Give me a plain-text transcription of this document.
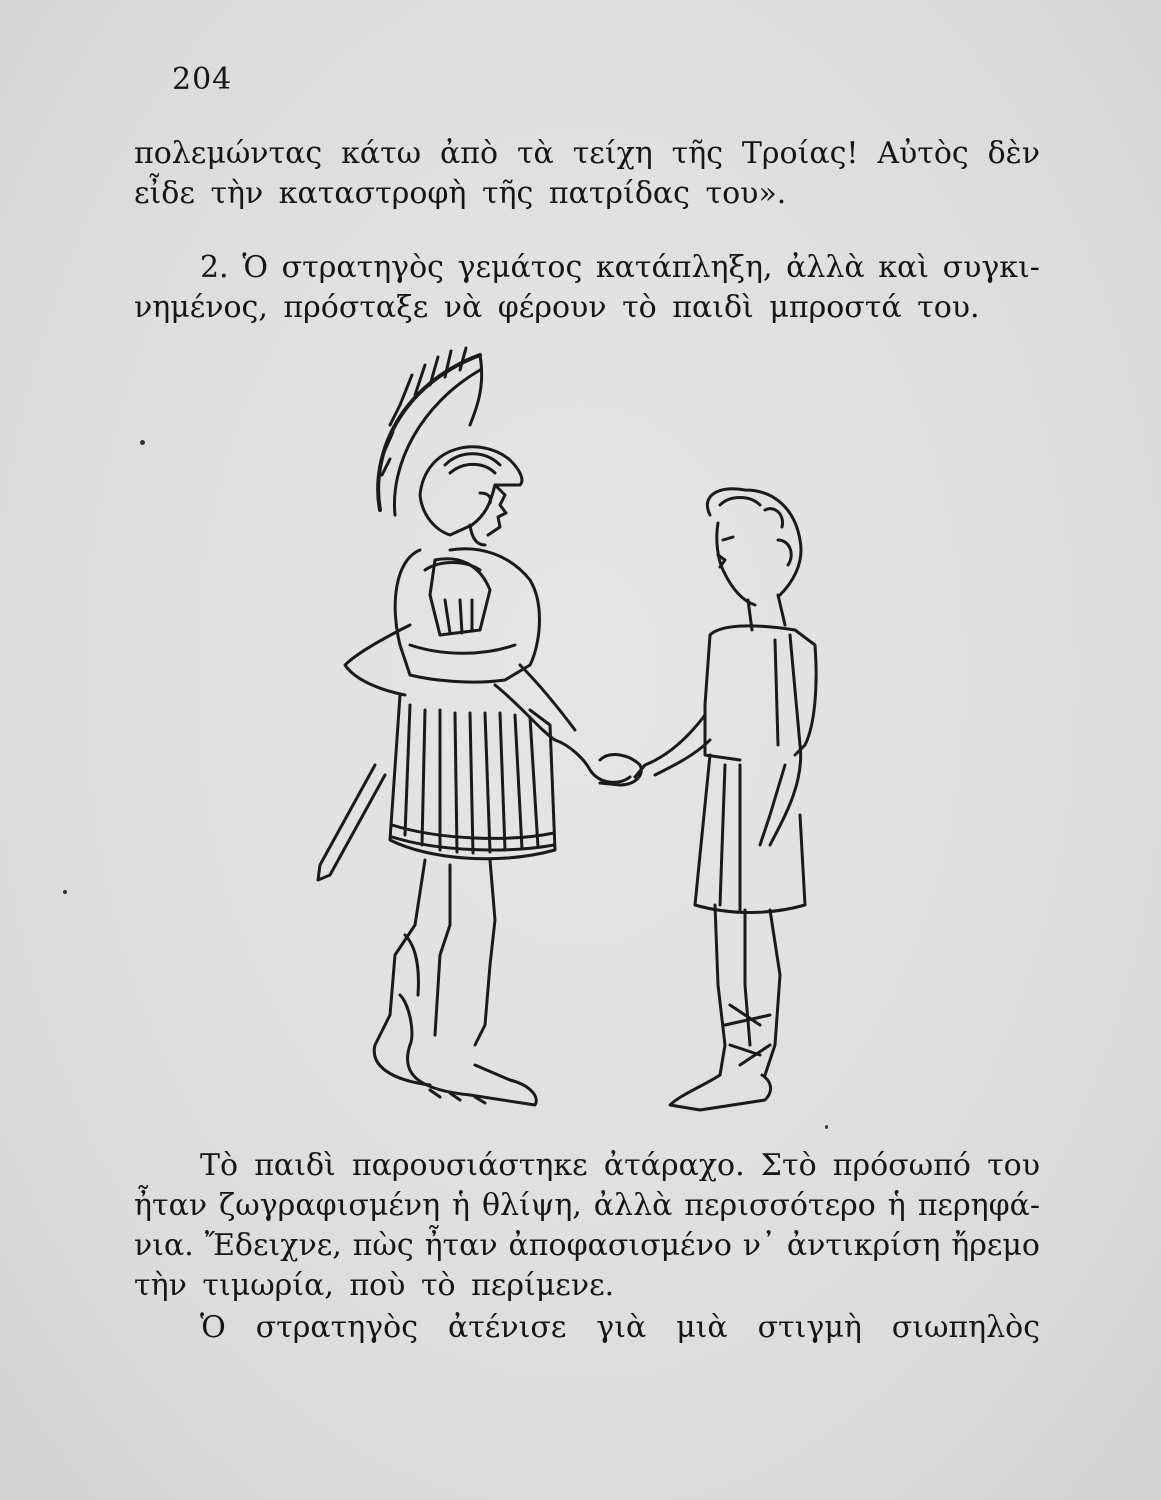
204
πολεμώντας κάτω ἀπὸ τὰ τείχη τῆς Τροίας! Αὐτὸς δὲν
εἶδε τὴν καταστροφὴ τῆς πατρίδας του».
2. Ὁ στρατηγὸς γεμάτος κατάπληξη, ἀλλὰ καὶ συγκι-
νημένος, πρόσταξε νὰ φέρουν τὸ παιδὶ μπροστά του.
Τὸ παιδὶ παρουσιάστηκε ἀτάραχο. Στὸ πρόσωπό του
ἦταν ζωγραφισμένη ἡ θλίψη, ἀλλὰ περισσότερο ἡ περηφά-
νια. Ἔδειχνε, πὼς ἦταν ἀποφασισμένο ν᾿ ἀντικρίση ἤρεμο
τὴν τιμωρία, ποὺ τὸ περίμενε.
Ὁ στρατηγὸς ἀτένισε γιὰ μιὰ στιγμὴ σιωπηλὸς
